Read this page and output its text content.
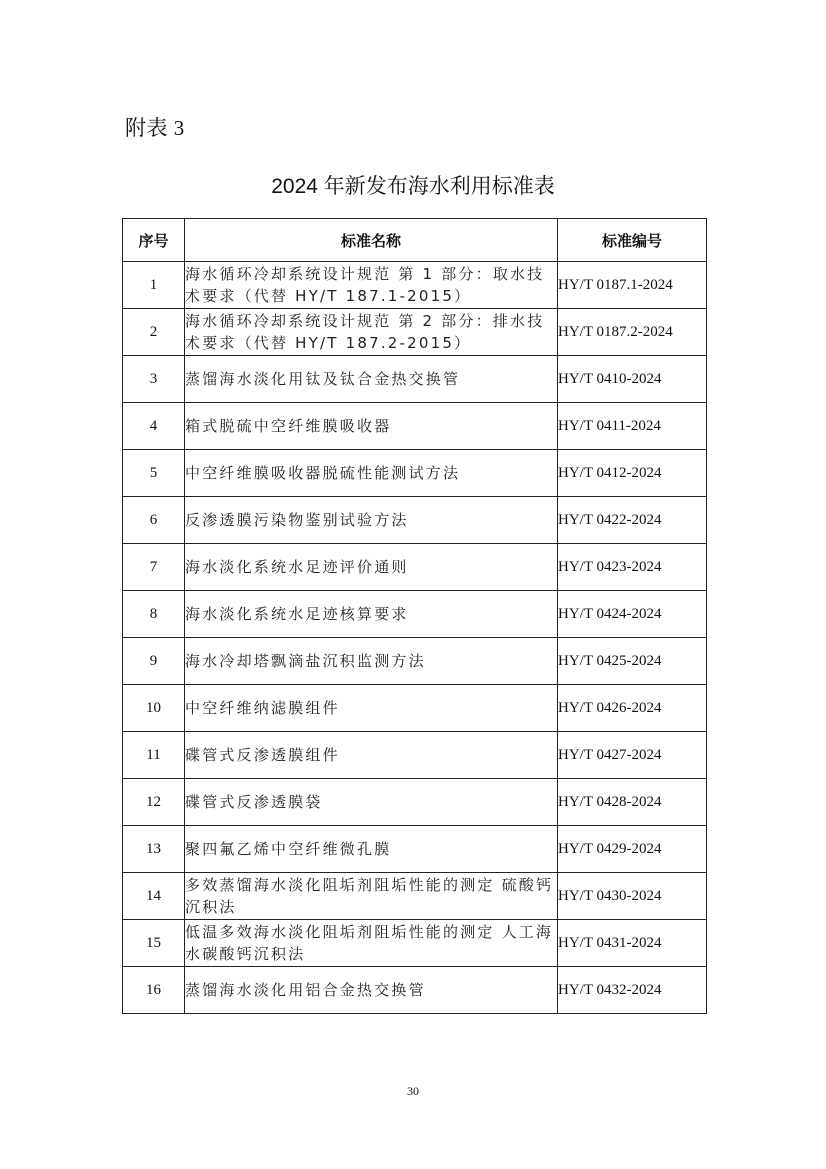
附表 3
2024 年新发布海水利用标准表
序号	标准名称	标准编号
1	海水循环冷却系统设计规范 第 1 部分：取水技术要求（代替 HY/T 187.1-2015）	HY/T 0187.1-2024
2	海水循环冷却系统设计规范 第 2 部分：排水技术要求（代替 HY/T 187.2-2015）	HY/T 0187.2-2024
3	蒸馏海水淡化用钛及钛合金热交换管	HY/T 0410-2024
4	箱式脱硫中空纤维膜吸收器	HY/T 0411-2024
5	中空纤维膜吸收器脱硫性能测试方法	HY/T 0412-2024
6	反渗透膜污染物鉴别试验方法	HY/T 0422-2024
7	海水淡化系统水足迹评价通则	HY/T 0423-2024
8	海水淡化系统水足迹核算要求	HY/T 0424-2024
9	海水冷却塔飘滴盐沉积监测方法	HY/T 0425-2024
10	中空纤维纳滤膜组件	HY/T 0426-2024
11	碟管式反渗透膜组件	HY/T 0427-2024
12	碟管式反渗透膜袋	HY/T 0428-2024
13	聚四氟乙烯中空纤维微孔膜	HY/T 0429-2024
14	多效蒸馏海水淡化阻垢剂阻垢性能的测定 硫酸钙沉积法	HY/T 0430-2024
15	低温多效海水淡化阻垢剂阻垢性能的测定 人工海水碳酸钙沉积法	HY/T 0431-2024
16	蒸馏海水淡化用铝合金热交换管	HY/T 0432-2024
30
